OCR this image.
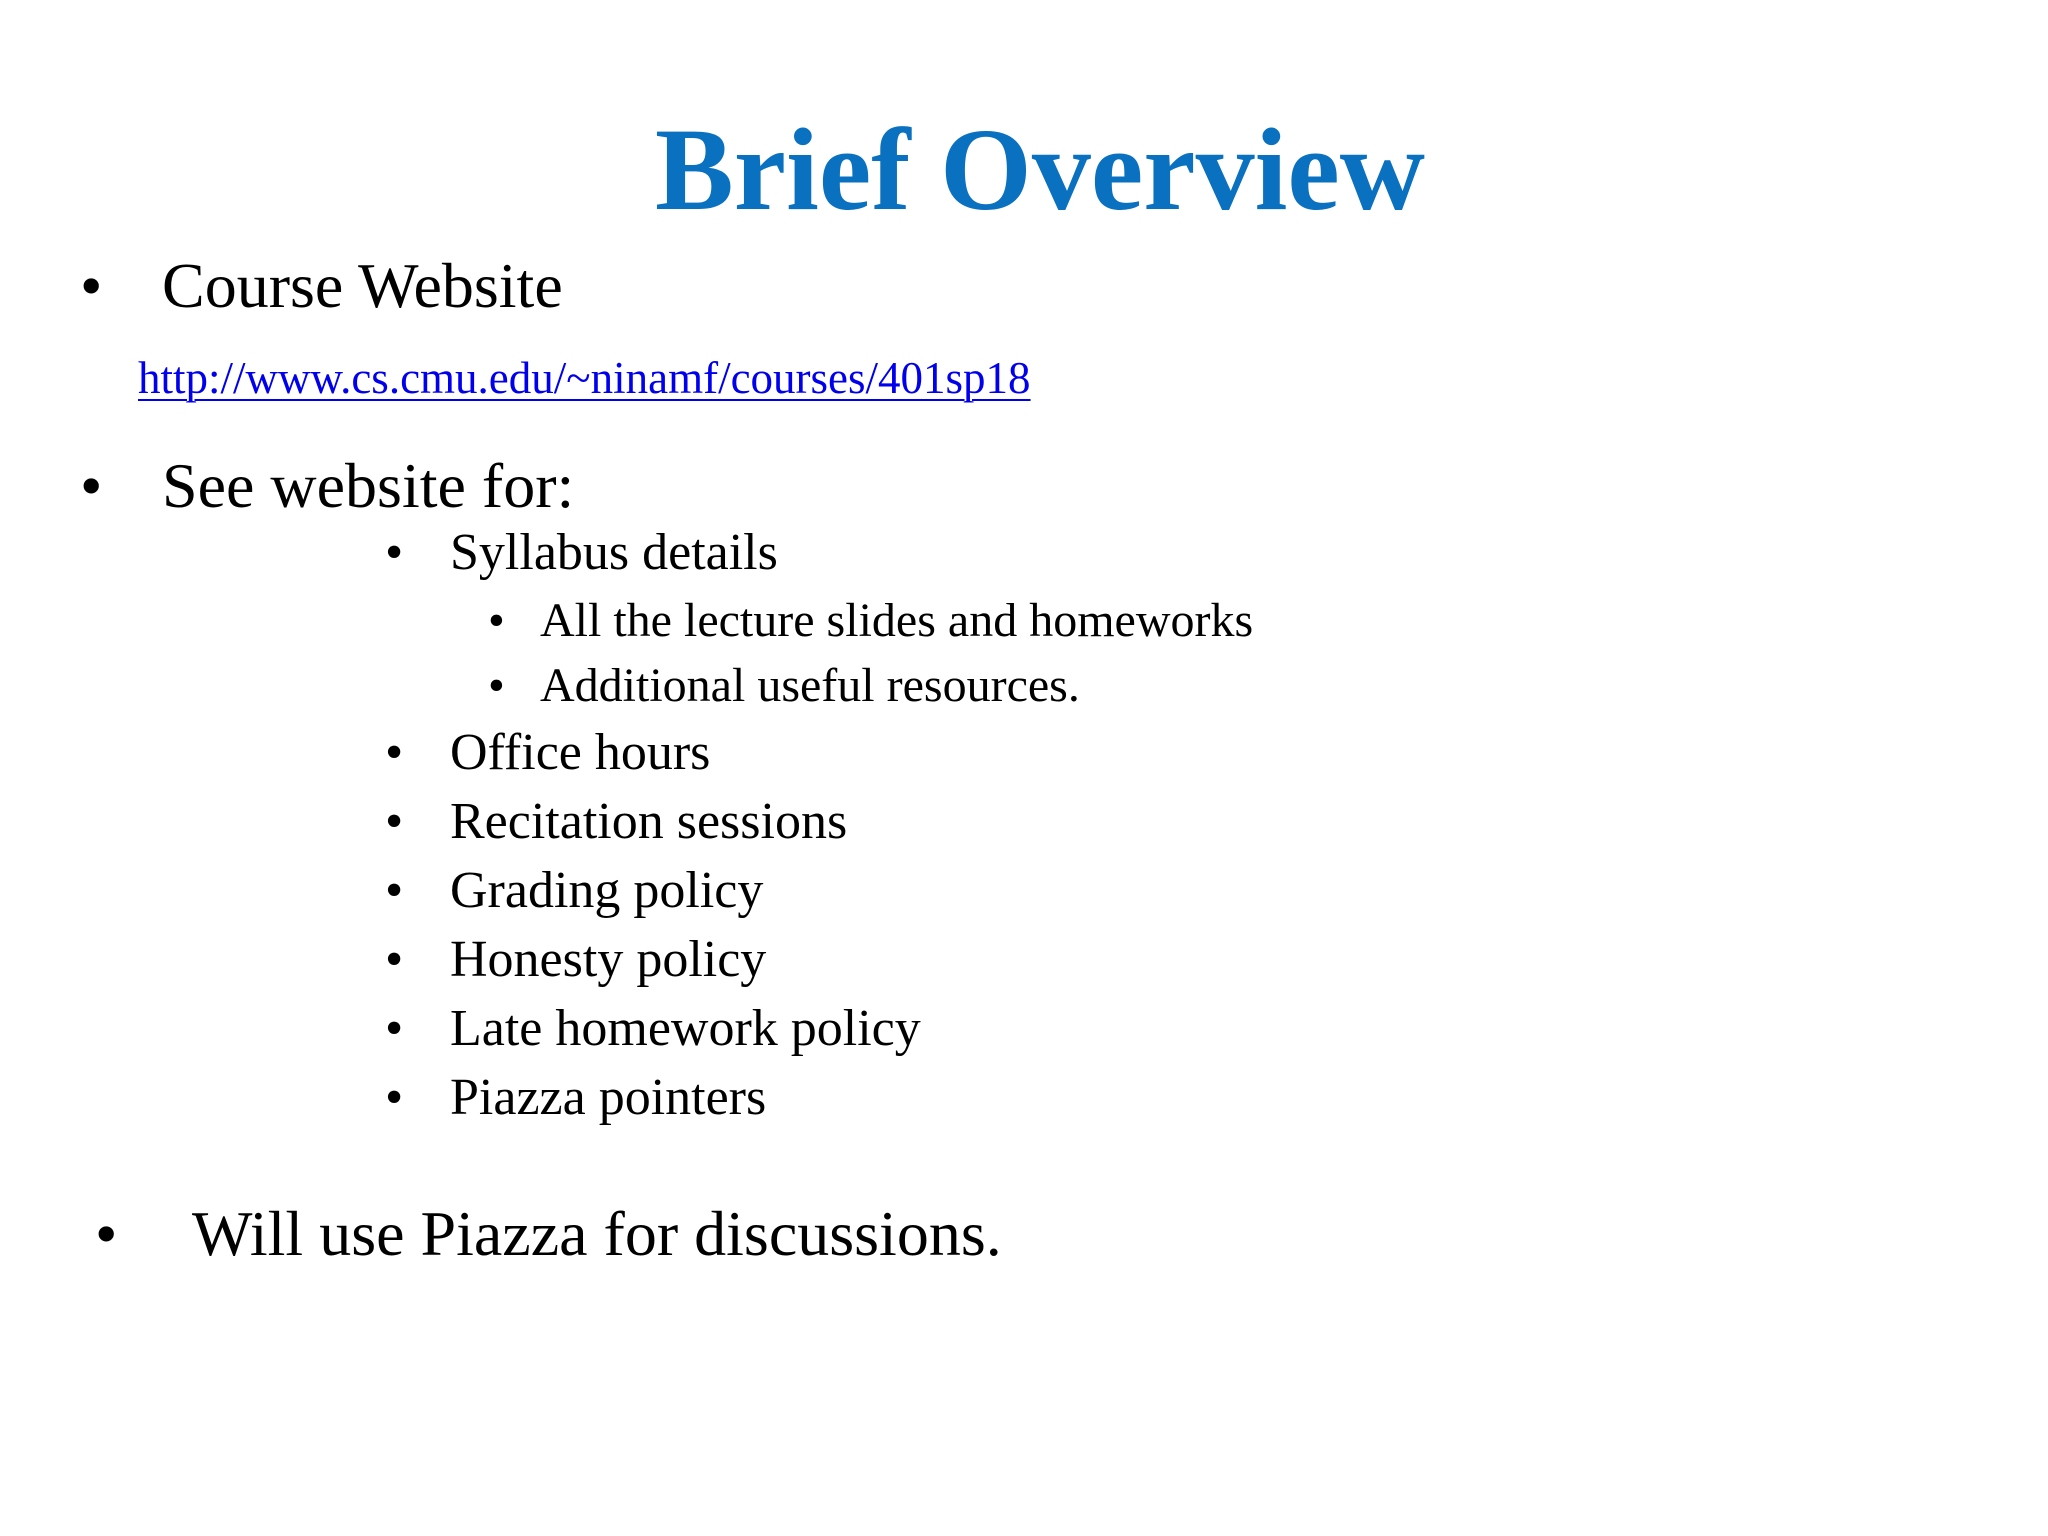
Brief Overview
• Course Website
http://www.cs.cmu.edu/~ninamf/courses/401sp18
• See website for:
• Syllabus details
• All the lecture slides and homeworks
• Additional useful resources.
• Office hours
• Recitation sessions
• Grading policy
• Honesty policy
• Late homework policy
• Piazza pointers
• Will use Piazza for discussions.
